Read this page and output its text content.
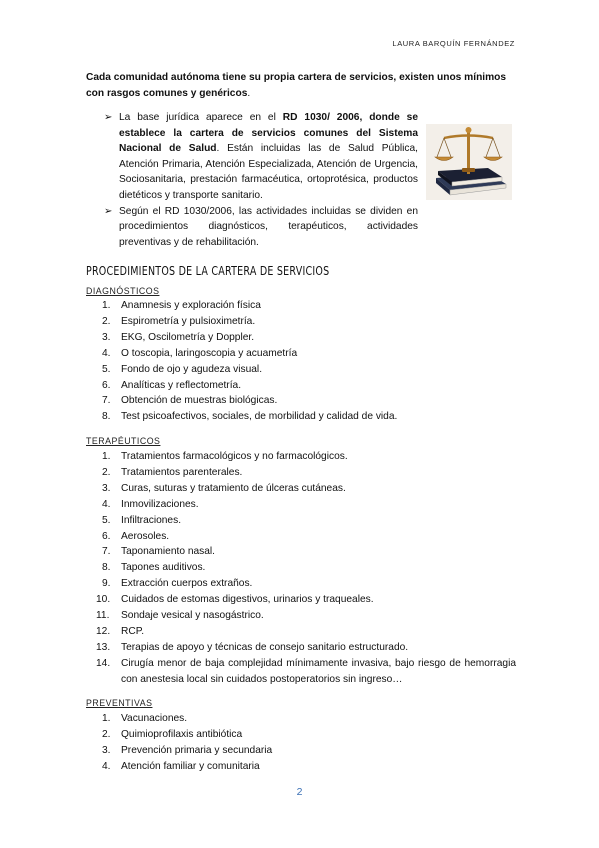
LAURA BARQUÍN FERNÁNDEZ
Cada comunidad autónoma tiene su propia cartera de servicios, existen unos mínimos con rasgos comunes y genéricos.
➢ La base jurídica aparece en el RD 1030/ 2006, donde se establece la cartera de servicios comunes del Sistema Nacional de Salud. Están incluidas las de Salud Pública, Atención Primaria, Atención Especializada, Atención de Urgencia, Sociosanitaria, prestación farmacéutica, ortoprotésica, productos dietéticos y transporte sanitario.
➢ Según el RD 1030/2006, las actividades incluidas se dividen en procedimientos diagnósticos, terapéuticos, actividades preventivas y de rehabilitación.
PROCEDIMIENTOS DE LA CARTERA DE SERVICIOS
DIAGNÓSTICOS
1. Anamnesis y exploración física
2. Espirometría y pulsioximetría.
3. EKG, Oscilometría y Doppler.
4. O toscopia, laringoscopia y acuametría
5. Fondo de ojo y agudeza visual.
6. Analíticas y reflectometría.
7. Obtención de muestras biológicas.
8. Test psicoafectivos, sociales, de morbilidad y calidad de vida.
TERAPÉUTICOS
1. Tratamientos farmacológicos y no farmacológicos.
2. Tratamientos parenterales.
3. Curas, suturas y tratamiento de úlceras cutáneas.
4. Inmovilizaciones.
5. Infiltraciones.
6. Aerosoles.
7. Taponamiento nasal.
8. Tapones auditivos.
9. Extracción cuerpos extraños.
10. Cuidados de estomas digestivos, urinarios y traqueales.
11. Sondaje vesical y nasogástrico.
12. RCP.
13. Terapias de apoyo y técnicas de consejo sanitario estructurado.
14. Cirugía menor de baja complejidad mínimamente invasiva, bajo riesgo de hemorragia con anestesia local sin cuidados postoperatorios sin ingreso…
PREVENTIVAS
1. Vacunaciones.
2. Quimioprofilaxis antibiótica
3. Prevención primaria y secundaria
4. Atención familiar y comunitaria
2
